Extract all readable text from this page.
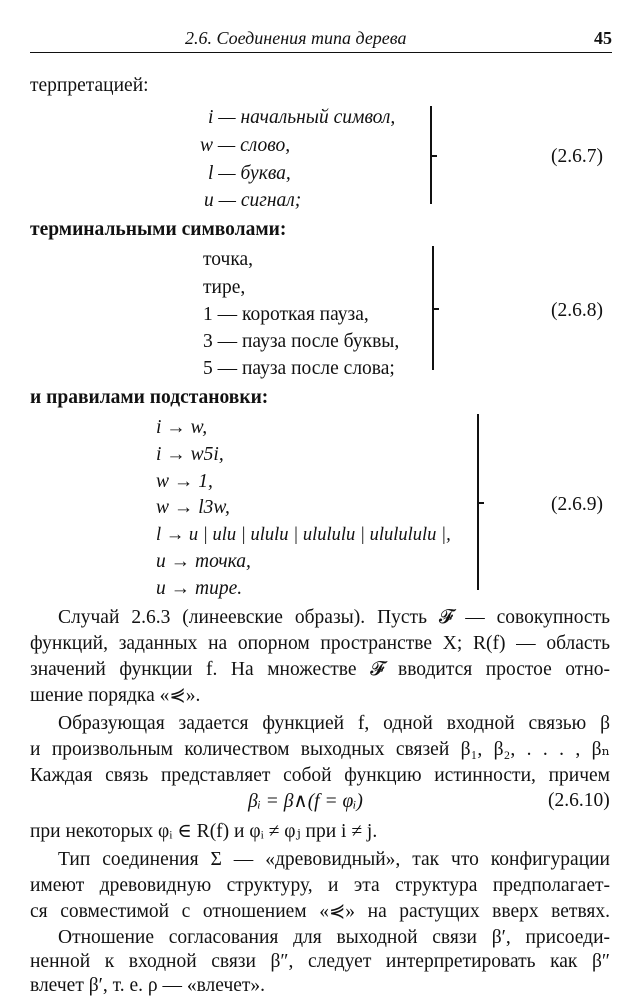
2.6. Соединения типа дерева	45
терпретацией:
i — начальный символ,
w — слово,
l — буква,
u — сигнал;
(2.6.7)
терминальными символами:
точка,
тире,
1 — короткая пауза,
3 — пауза после буквы,
5 — пауза после слова;
(2.6.8)
и правилами подстановки:
i → w,
i → w5i,
w → 1,
w → l3w,
l → u | ulu | ululu | ulululu | ululululu |,
u → точка,
u → тире.
(2.6.9)
Случай 2.6.3 (линеевские образы). Пусть 𝓕 — совокупность
функций, заданных на опорном пространстве X; R(f) — область
значений функции f. На множестве 𝓕 вводится простое отно-
шение порядка «⋞».
Образующая задается функцией f, одной входной связью β
и произвольным количеством выходных связей β₁, β₂, . . . , βₙ
Каждая связь представляет собой функцию истинности, причем
βᵢ = β∧(f = φᵢ)	(2.6.10)
при некоторых φᵢ ∈ R(f) и φᵢ ≠ φⱼ при i ≠ j.
Тип соединения Σ — «древовидный», так что конфигурации
имеют древовидную структуру, и эта структура предполагает-
ся совместимой с отношением «⋞» на растущих вверх ветвях.
Отношение согласования для выходной связи β′, присоеди-
ненной к входной связи β″, следует интерпретировать как β″
влечет β′, т. е. ρ — «влечет».
